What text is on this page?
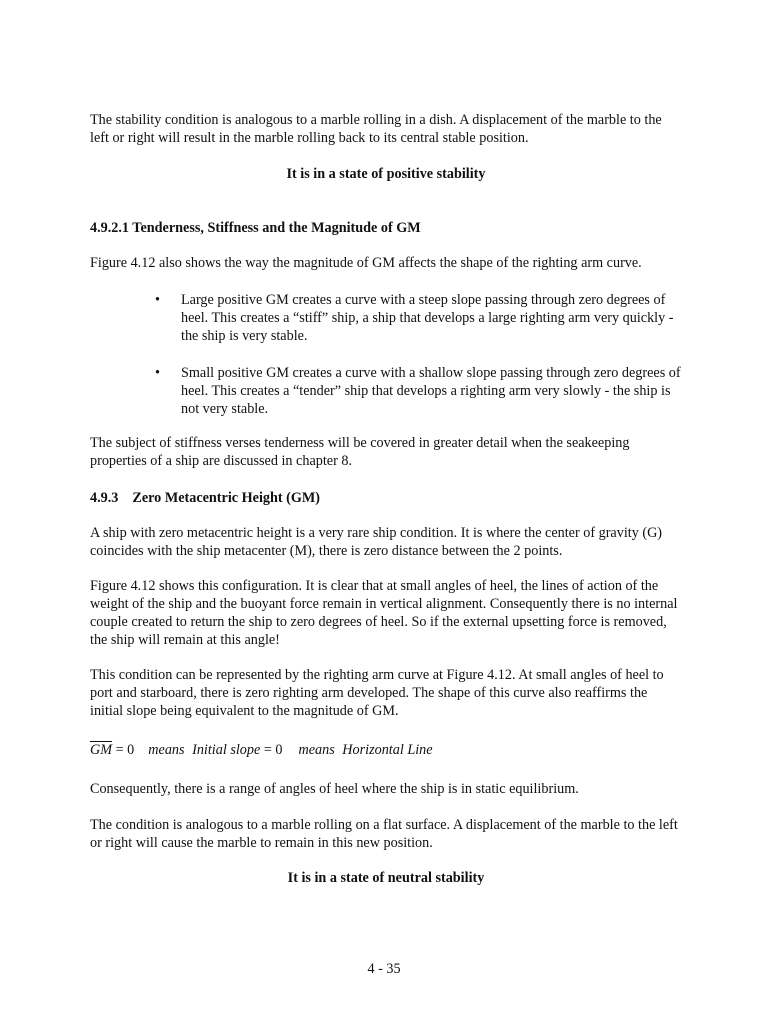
The stability condition is analogous to a marble rolling in a dish. A displacement of the marble to the left or right will result in the marble rolling back to its central stable position.

It is in a state of positive stability

4.9.2.1 Tenderness, Stiffness and the Magnitude of GM

Figure 4.12 also shows the way the magnitude of GM affects the shape of the righting arm curve.

• Large positive GM creates a curve with a steep slope passing through zero degrees of heel. This creates a “stiff” ship, a ship that develops a large righting arm very quickly - the ship is very stable.

• Small positive GM creates a curve with a shallow slope passing through zero degrees of heel. This creates a “tender” ship that develops a righting arm very slowly - the ship is not very stable.

The subject of stiffness verses tenderness will be covered in greater detail when the seakeeping properties of a ship are discussed in chapter 8.

4.9.3 Zero Metacentric Height (GM)

A ship with zero metacentric height is a very rare ship condition. It is where the center of gravity (G) coincides with the ship metacenter (M), there is zero distance between the 2 points.

Figure 4.12 shows this configuration. It is clear that at small angles of heel, the lines of action of the weight of the ship and the buoyant force remain in vertical alignment. Consequently there is no internal couple created to return the ship to zero degrees of heel. So if the external upsetting force is removed, the ship will remain at this angle!

This condition can be represented by the righting arm curve at Figure 4.12. At small angles of heel to port and starboard, there is zero righting arm developed. The shape of this curve also reaffirms the initial slope being equivalent to the magnitude of GM.

$\overline{GM} = 0$ means Initial slope = 0 means Horizontal Line

Consequently, there is a range of angles of heel where the ship is in static equilibrium.

The condition is analogous to a marble rolling on a flat surface. A displacement of the marble to the left or right will cause the marble to remain in this new position.

It is in a state of neutral stability

4 - 35
